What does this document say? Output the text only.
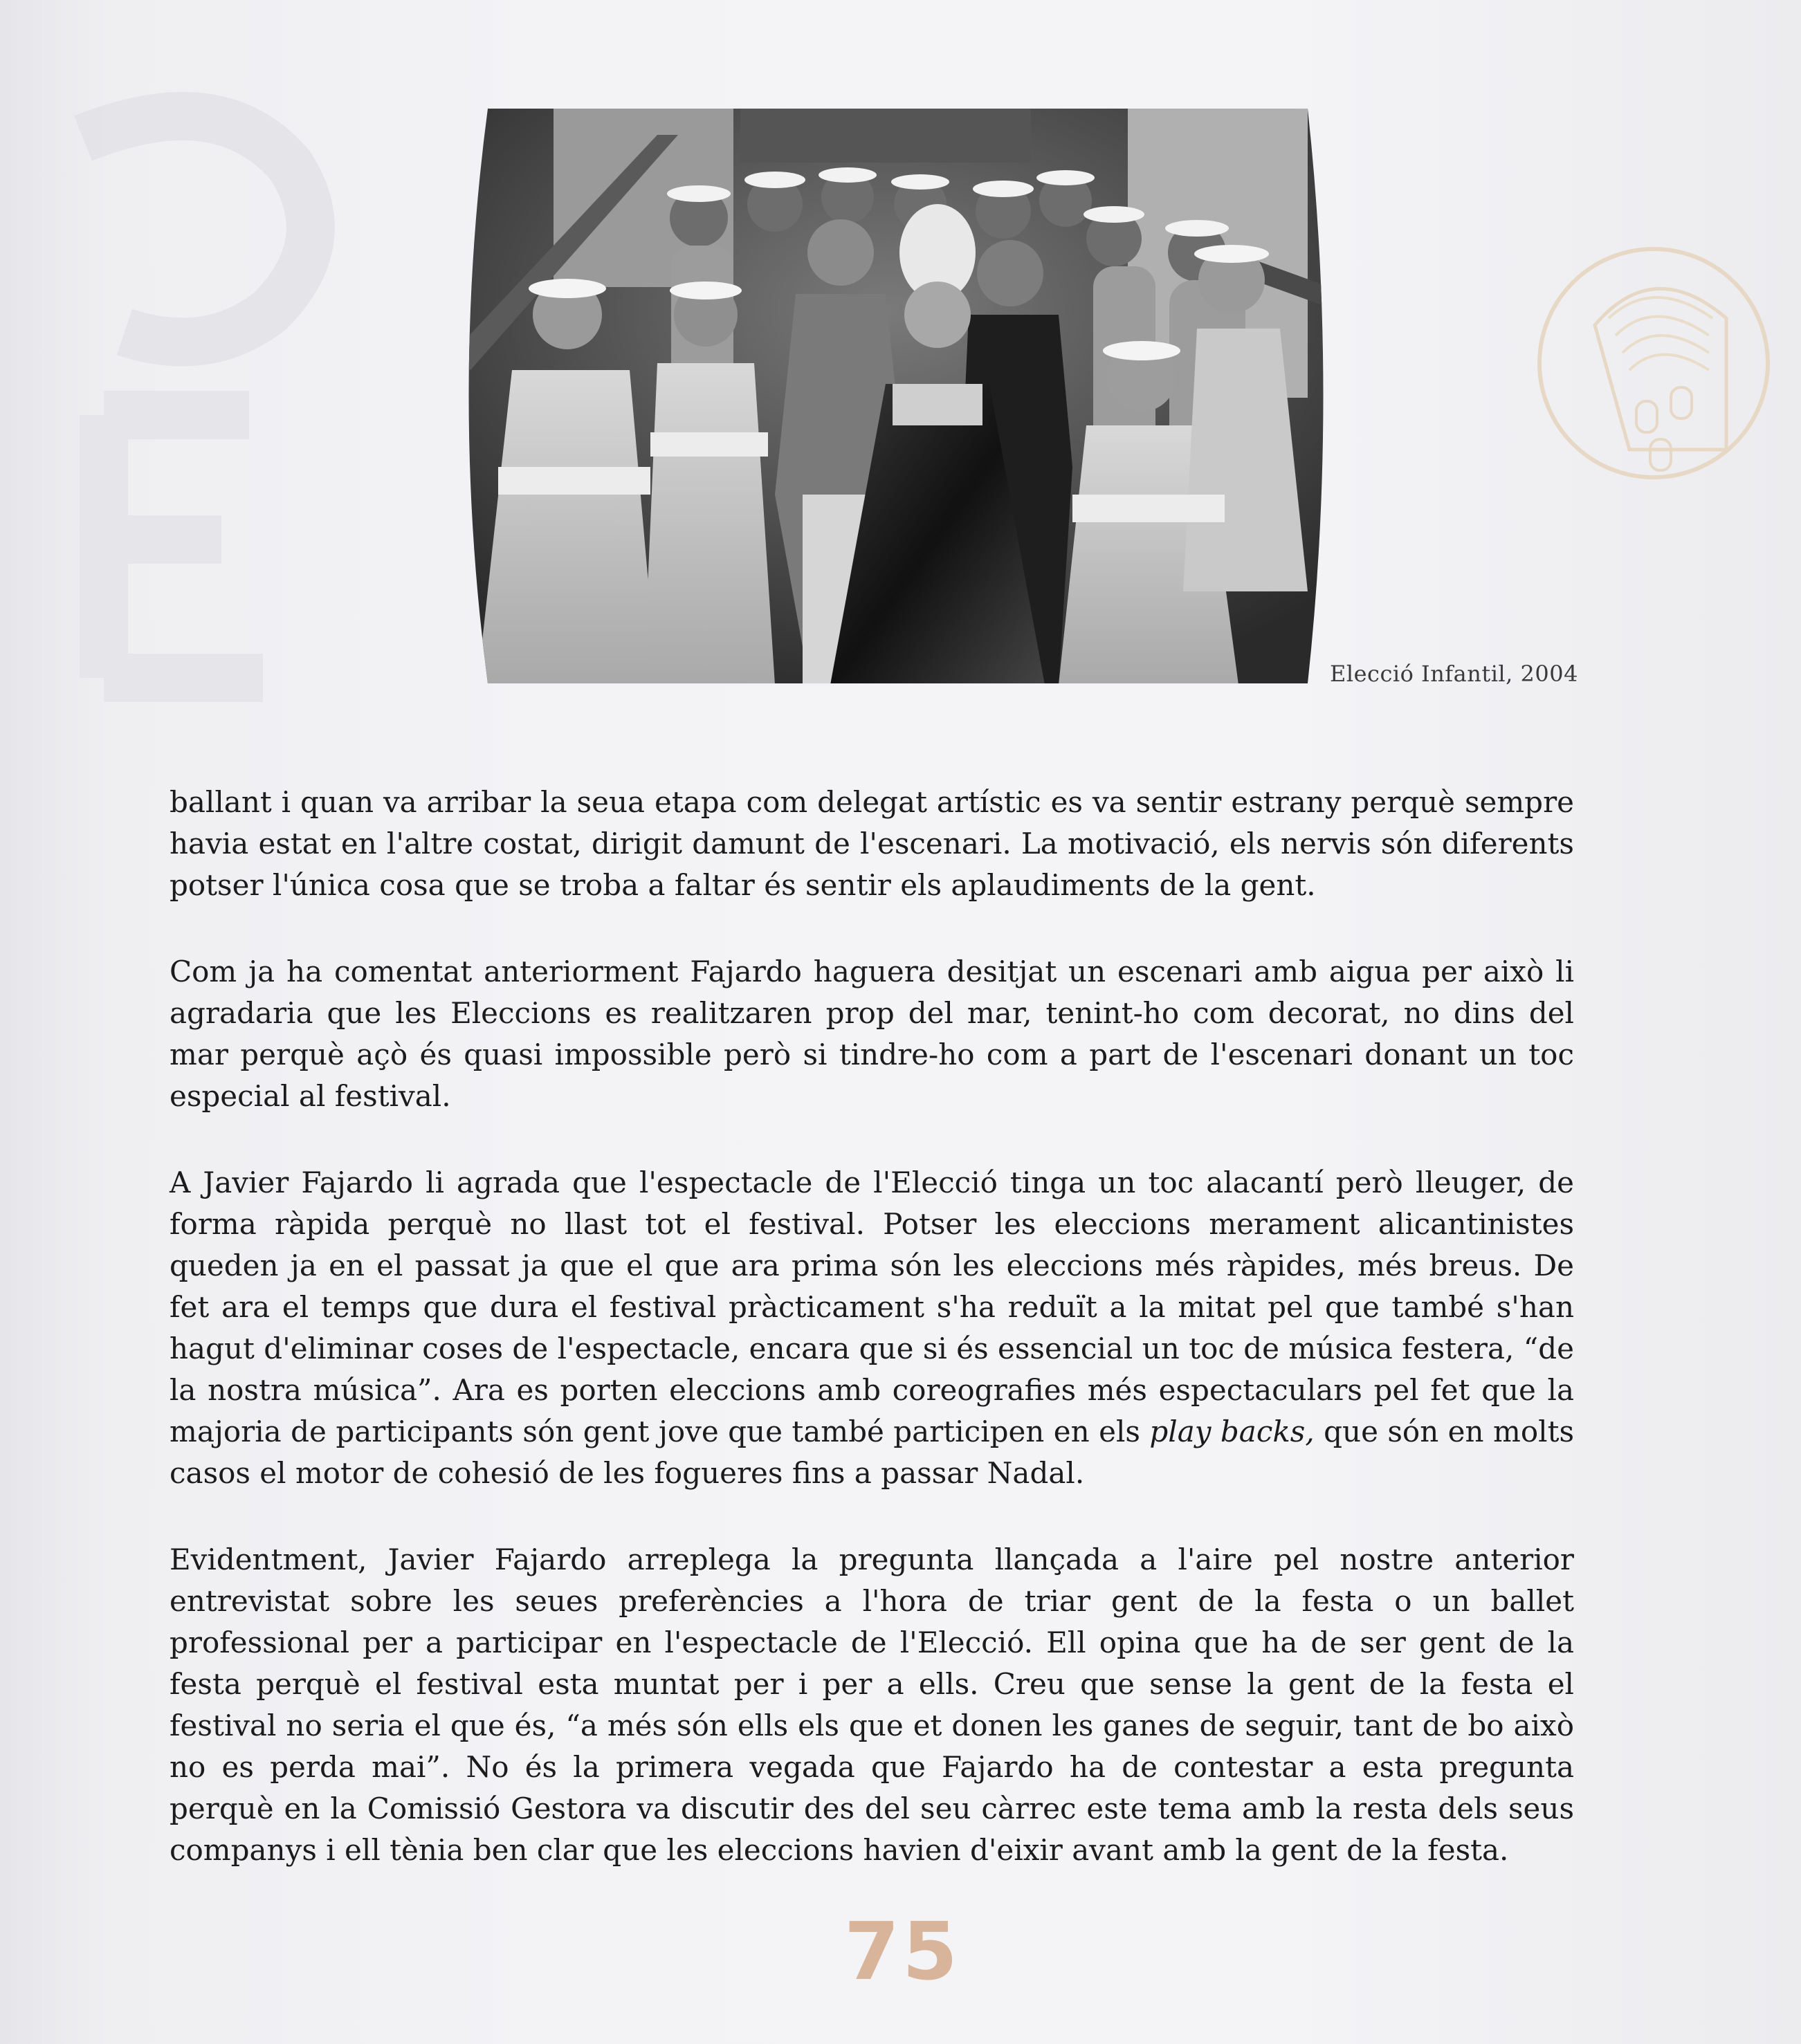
Elecció Infantil, 2004

ballant i quan va arribar la seua etapa com delegat artístic es va sentir estrany perquè sempre havia estat en l'altre costat, dirigit damunt de l'escenari. La motivació, els nervis són diferents potser l'única cosa que se troba a faltar és sentir els aplaudiments de la gent.

Com ja ha comentat anteriorment Fajardo haguera desitjat un escenari amb aigua per això li agradaria que les Eleccions es realitzaren prop del mar, tenint-ho com decorat, no dins del mar perquè açò és quasi impossible però si tindre-ho com a part de l'escenari donant un toc especial al festival.

A Javier Fajardo li agrada que l'espectacle de l'Elecció tinga un toc alacantí però lleuger, de forma ràpida perquè no llast tot el festival. Potser les eleccions merament alicantinistes queden ja en el passat ja que el que ara prima són les eleccions més ràpides, més breus. De fet ara el temps que dura el festival pràcticament s'ha reduït a la mitat pel que també s'han hagut d'eliminar coses de l'espectacle, encara que si és essencial un toc de música festera, “de la nostra música”. Ara es porten eleccions amb coreografies més espectaculars pel fet que la majoria de participants són gent jove que també participen en els play backs, que són en molts casos el motor de cohesió de les fogueres fins a passar Nadal.

Evidentment, Javier Fajardo arreplega la pregunta llançada a l'aire pel nostre anterior entrevistat sobre les seues preferències a l'hora de triar gent de la festa o un ballet professional per a participar en l'espectacle de l'Elecció. Ell opina que ha de ser gent de la festa perquè el festival esta muntat per i per a ells. Creu que sense la gent de la festa el festival no seria el que és, “a més són ells els que et donen les ganes de seguir, tant de bo això no es perda mai”. No és la primera vegada que Fajardo ha de contestar a esta pregunta perquè en la Comissió Gestora va discutir des del seu càrrec este tema amb la resta dels seus companys i ell tènia ben clar que les eleccions havien d'eixir avant amb la gent de la festa.

75
